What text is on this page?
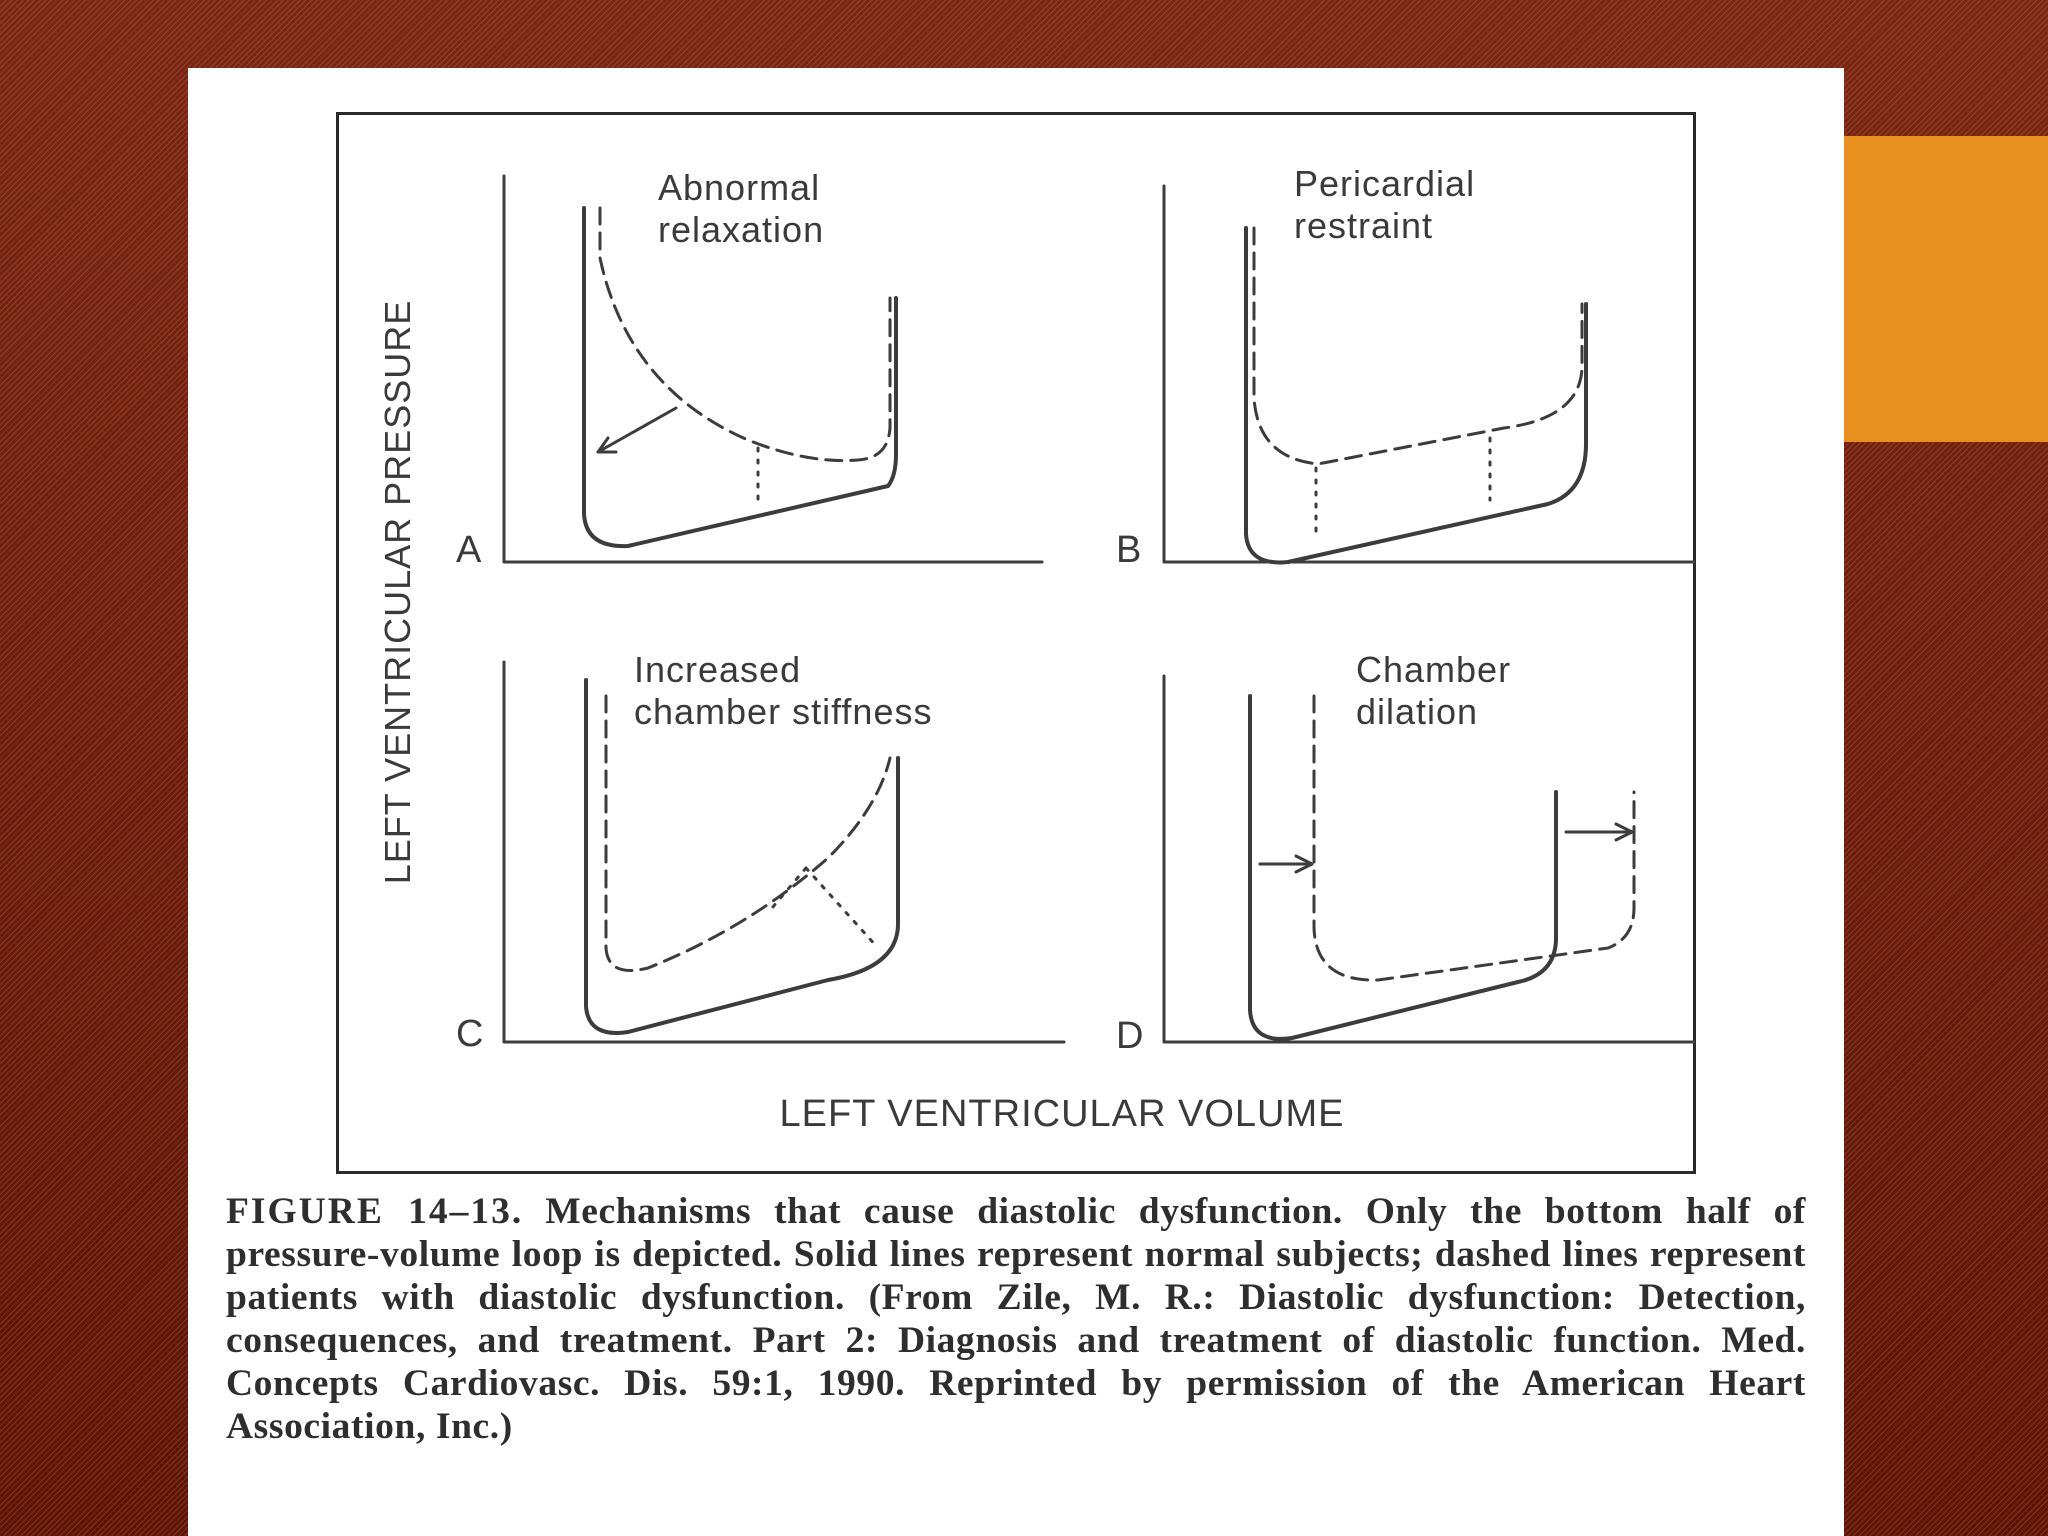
LEFT VENTRICULAR PRESSURE
LEFT VENTRICULAR VOLUME
A
Abnormal
relaxation
B
Pericardial
restraint
C
Increased
chamber stiffness
D
Chamber
dilation

FIGURE 14–13. Mechanisms that cause diastolic dysfunction. Only the bottom half of pressure-volume loop is depicted. Solid lines represent normal subjects; dashed lines represent patients with diastolic dysfunction. (From Zile, M. R.: Diastolic dysfunction: Detection, consequences, and treatment. Part 2: Diagnosis and treatment of diastolic function. Med. Concepts Cardiovasc. Dis. 59:1, 1990. Reprinted by permission of the American Heart Association, Inc.)
